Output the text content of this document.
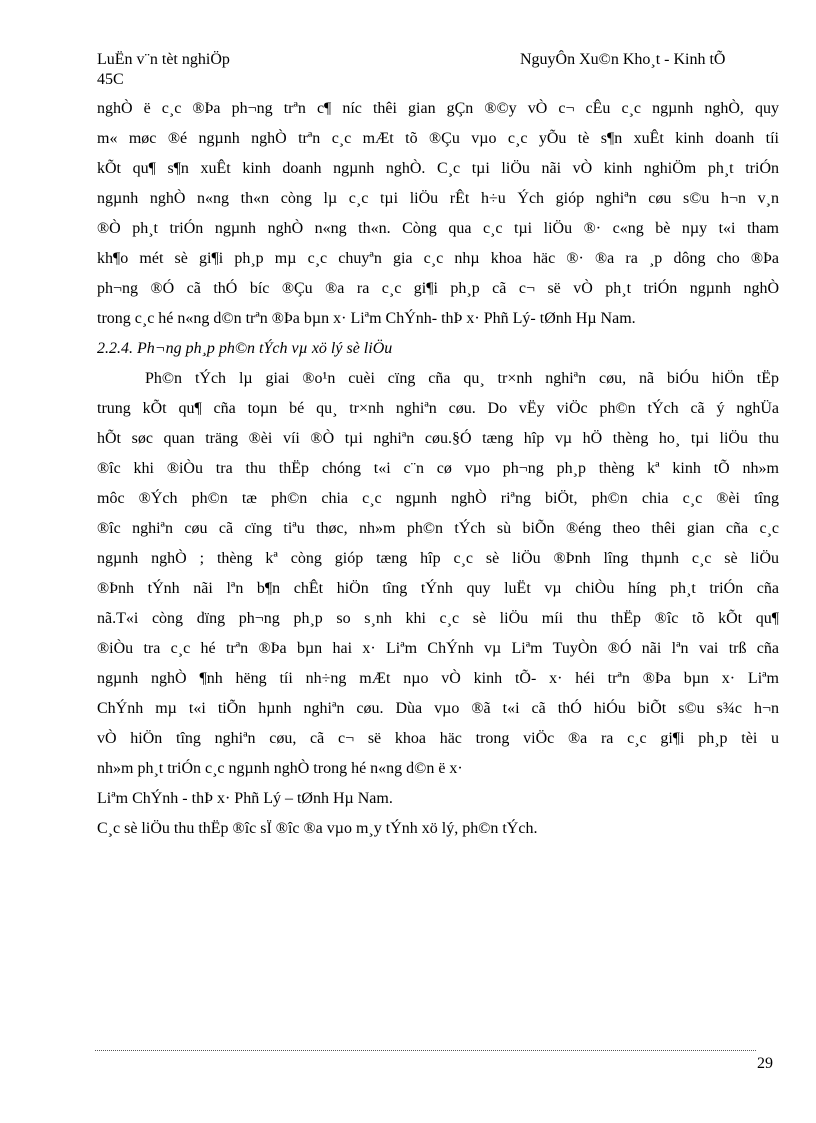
LuËn v¨n tèt nghiÖp
45C
NguyÔn Xu©n Kho¸t - Kinh tÕ
nghÒ ë c¸c ®Þa ph¬ng trªn c¶ níc thêi gian gÇn ®©y vÒ c¬ cÊu c¸c ngµnh nghÒ, quy
m« møc ®é ngµnh nghÒ trªn c¸c mÆt tõ ®Çu vµo c¸c yÕu tè s¶n xuÊt kinh doanh tíi
kÕt qu¶ s¶n xuÊt kinh doanh ngµnh nghÒ. C¸c tµi liÖu nãi vÒ kinh nghiÖm ph¸t triÓn
ngµnh nghÒ n«ng th«n còng lµ c¸c tµi liÖu rÊt h÷u Ých gióp nghiªn cøu s©u h¬n v¸n
®Ò ph¸t triÓn ngµnh nghÒ n«ng th«n. Còng qua c¸c tµi liÖu ®· c«ng bè nµy t«i tham
kh¶o mét sè gi¶i ph¸p mµ c¸c chuyªn gia c¸c nhµ khoa häc ®· ®a ra ¸p dông cho ®Þa
ph¬ng ®Ó cã thÓ bíc ®Çu ®a ra c¸c gi¶i ph¸p cã c¬ së vÒ ph¸t triÓn ngµnh nghÒ
trong c¸c hé n«ng d©n trªn ®Þa bµn x· Liªm ChÝnh- thÞ x· Phñ Lý- tØnh Hµ Nam.
2.2.4. Ph¬ng ph¸p ph©n tÝch vµ xö lý sè liÖu
Ph©n tÝch lµ giai ®o¹n cuèi cïng cña qu¸ tr×nh nghiªn cøu, nã biÓu hiÖn tËp
trung kÕt qu¶ cña toµn bé qu¸ tr×nh nghiªn cøu. Do vËy viÖc ph©n tÝch cã ý nghÜa
hÕt søc quan träng ®èi víi ®Ò tµi nghiªn cøu.§Ó tæng hîp vµ hÖ thèng ho¸ tµi liÖu thu
®îc khi ®iÒu tra thu thËp chóng t«i c¨n cø vµo ph¬ng ph¸p thèng kª kinh tÕ nh»m
môc ®Ých ph©n tæ ph©n chia c¸c ngµnh nghÒ riªng biÖt, ph©n chia c¸c ®èi tîng
®îc nghiªn cøu cã cïng tiªu thøc, nh»m ph©n tÝch sù biÕn ®éng theo thêi gian cña c¸c
ngµnh nghÒ ; thèng kª còng gióp tæng hîp c¸c sè liÖu ®Þnh lîng thµnh c¸c sè liÖu
®Þnh tÝnh nãi lªn b¶n chÊt hiÖn tîng tÝnh quy luËt vµ chiÒu híng ph¸t triÓn cña
nã.T«i còng dïng ph¬ng ph¸p so s¸nh khi c¸c sè liÖu míi thu thËp ®îc tõ kÕt qu¶
®iÒu tra c¸c hé trªn ®Þa bµn hai x· Liªm ChÝnh vµ Liªm TuyÒn ®Ó nãi lªn vai trß cña
ngµnh nghÒ ¶nh hëng tíi nh÷ng mÆt nµo vÒ kinh tÕ- x· héi trªn ®Þa bµn x· Liªm
ChÝnh mµ t«i tiÕn hµnh nghiªn cøu. Dùa vµo ®ã t«i cã thÓ hiÓu biÕt s©u s¾c h¬n
vÒ hiÖn tîng nghiªn cøu, cã c¬ së khoa häc trong viÖc ®a ra c¸c gi¶i ph¸p tèi u
nh»m ph¸t triÓn c¸c ngµnh nghÒ trong hé n«ng d©n ë x·
Liªm ChÝnh - thÞ x· Phñ Lý – tØnh Hµ Nam.
C¸c sè liÖu thu thËp ®îc sÏ ®îc ®a vµo m¸y tÝnh xö lý, ph©n tÝch.
29
